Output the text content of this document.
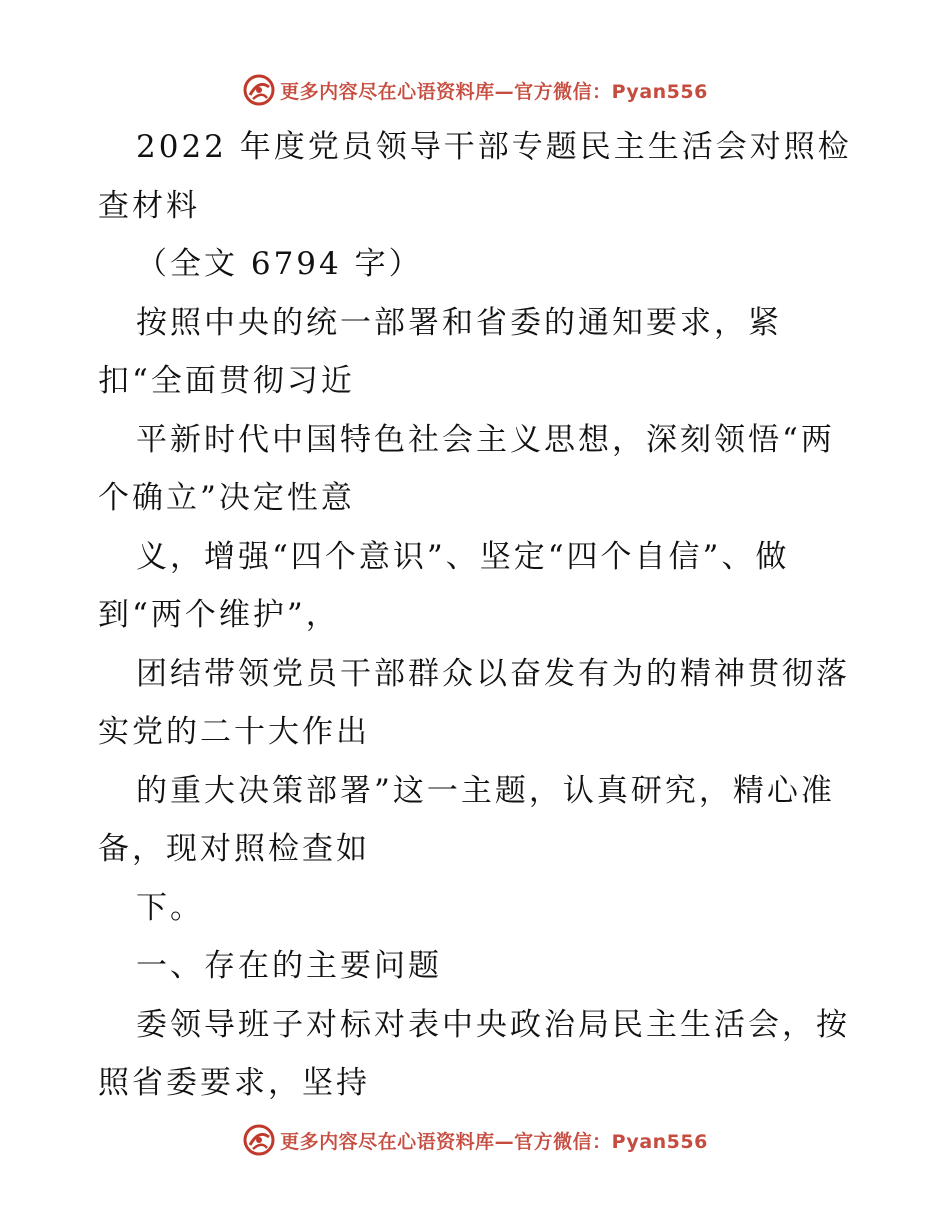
更多内容尽在心语资料库—官方微信：Pyan556
2022 年度党员领导干部专题民主生活会对照检
查材料
（全文 6794 字）
按照中央的统一部署和省委的通知要求，紧
扣“全面贯彻习近
平新时代中国特色社会主义思想，深刻领悟“两
个确立”决定性意
义，增强“四个意识”、坚定“四个自信”、做
到“两个维护”，
团结带领党员干部群众以奋发有为的精神贯彻落
实党的二十大作出
的重大决策部署”这一主题，认真研究，精心准
备，现对照检查如
下。
一、存在的主要问题
委领导班子对标对表中央政治局民主生活会，按
照省委要求，坚持
更多内容尽在心语资料库—官方微信：Pyan556
